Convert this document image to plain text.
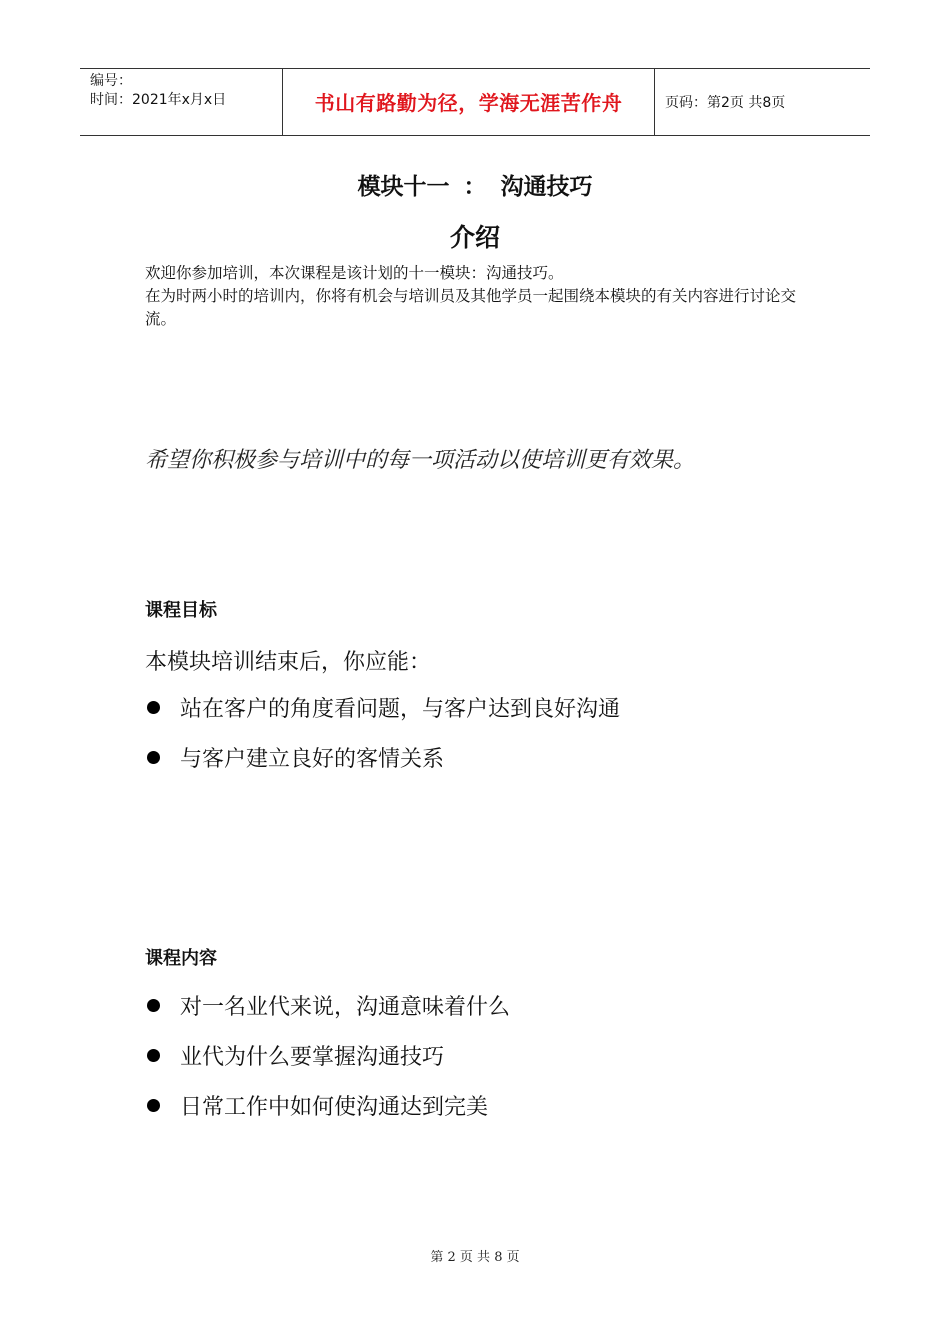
编号：
时间：2021年x月x日	书山有路勤为径，学海无涯苦作舟	页码：第2页 共8页
模块十一 ： 沟通技巧
介绍

欢迎你参加培训，本次课程是该计划的十一模块：沟通技巧。

在为时两小时的培训内，你将有机会与培训员及其他学员一起围绕本模块的有关内容进行讨论交流。

希望你积极参与培训中的每一项活动以使培训更有效果。
课程目标
本模块培训结束后，你应能：
站在客户的角度看问题，与客户达到良好沟通
与客户建立良好的客情关系
课程内容
对一名业代来说，沟通意味着什么
业代为什么要掌握沟通技巧
日常工作中如何使沟通达到完美
第 2 页 共 8 页
